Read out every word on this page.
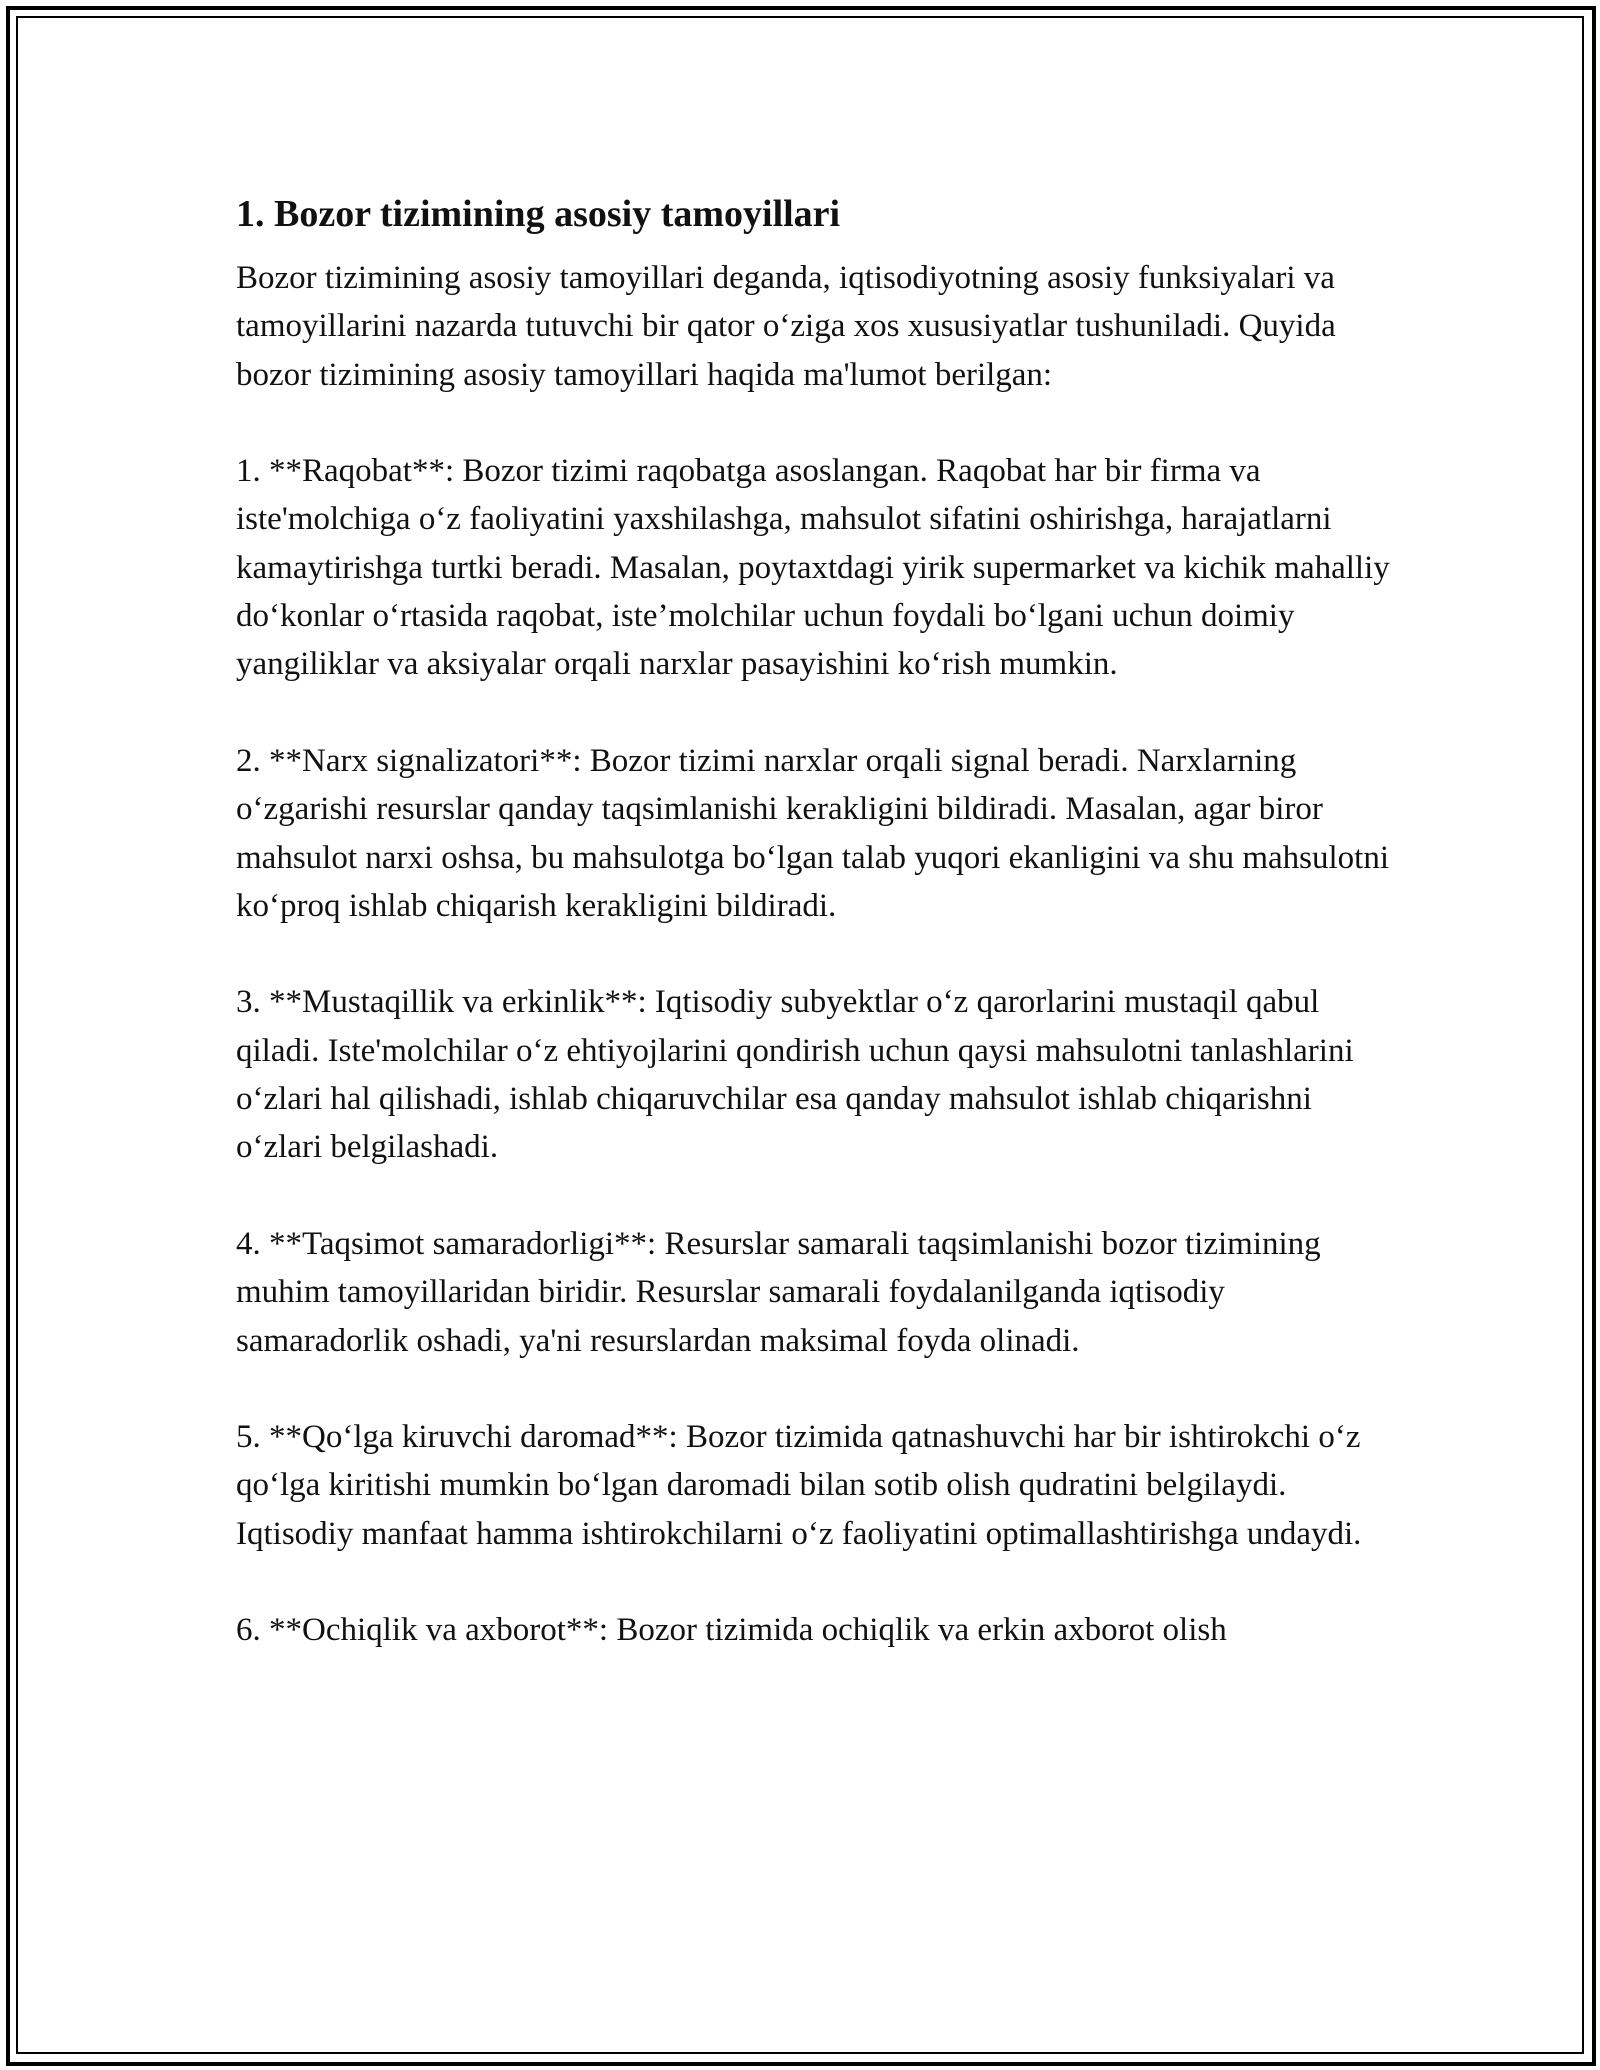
1. Bozor tizimining asosiy tamoyillari

Bozor tizimining asosiy tamoyillari deganda, iqtisodiyotning asosiy funksiyalari va tamoyillarini nazarda tutuvchi bir qator o‘ziga xos xususiyatlar tushuniladi. Quyida bozor tizimining asosiy tamoyillari haqida ma'lumot berilgan:

1. **Raqobat**: Bozor tizimi raqobatga asoslangan. Raqobat har bir firma va iste'molchiga o‘z faoliyatini yaxshilashga, mahsulot sifatini oshirishga, harajatlarni kamaytirishga turtki beradi. Masalan, poytaxtdagi yirik supermarket va kichik mahalliy do‘konlar o‘rtasida raqobat, iste’molchilar uchun foydali bo‘lgani uchun doimiy yangiliklar va aksiyalar orqali narxlar pasayishini ko‘rish mumkin.

2. **Narx signalizatori**: Bozor tizimi narxlar orqali signal beradi. Narxlarning o‘zgarishi resurslar qanday taqsimlanishi kerakligini bildiradi. Masalan, agar biror mahsulot narxi oshsa, bu mahsulotga bo‘lgan talab yuqori ekanligini va shu mahsulotni ko‘proq ishlab chiqarish kerakligini bildiradi.

3. **Mustaqillik va erkinlik**: Iqtisodiy subyektlar o‘z qarorlarini mustaqil qabul qiladi. Iste'molchilar o‘z ehtiyojlarini qondirish uchun qaysi mahsulotni tanlashlarini o‘zlari hal qilishadi, ishlab chiqaruvchilar esa qanday mahsulot ishlab chiqarishni o‘zlari belgilashadi.

4. **Taqsimot samaradorligi**: Resurslar samarali taqsimlanishi bozor tizimining muhim tamoyillaridan biridir. Resurslar samarali foydalanilganda iqtisodiy samaradorlik oshadi, ya'ni resurslardan maksimal foyda olinadi.

5. **Qo‘lga kiruvchi daromad**: Bozor tizimida qatnashuvchi har bir ishtirokchi o‘z qo‘lga kiritishi mumkin bo‘lgan daromadi bilan sotib olish qudratini belgilaydi. Iqtisodiy manfaat hamma ishtirokchilarni o‘z faoliyatini optimallashtirishga undaydi.

6. **Ochiqlik va axborot**: Bozor tizimida ochiqlik va erkin axborot olish
